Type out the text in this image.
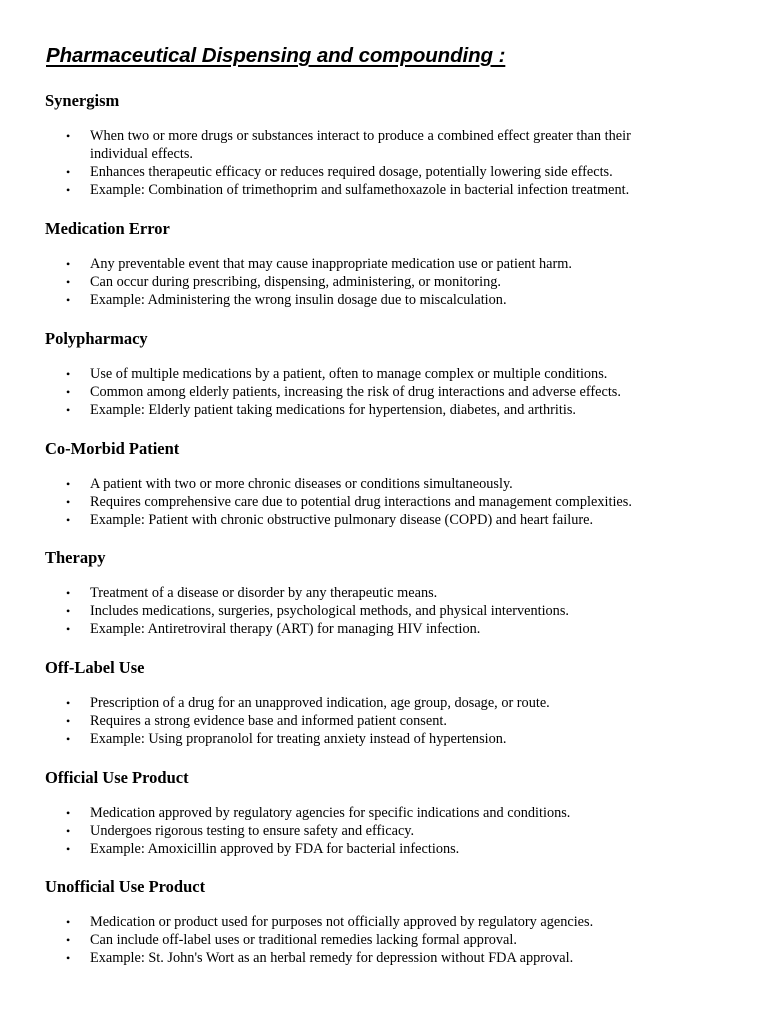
Pharmaceutical Dispensing and compounding :
Synergism
• When two or more drugs or substances interact to produce a combined effect greater than their individual effects.
• Enhances therapeutic efficacy or reduces required dosage, potentially lowering side effects.
• Example: Combination of trimethoprim and sulfamethoxazole in bacterial infection treatment.
Medication Error
• Any preventable event that may cause inappropriate medication use or patient harm.
• Can occur during prescribing, dispensing, administering, or monitoring.
• Example: Administering the wrong insulin dosage due to miscalculation.
Polypharmacy
• Use of multiple medications by a patient, often to manage complex or multiple conditions.
• Common among elderly patients, increasing the risk of drug interactions and adverse effects.
• Example: Elderly patient taking medications for hypertension, diabetes, and arthritis.
Co-Morbid Patient
• A patient with two or more chronic diseases or conditions simultaneously.
• Requires comprehensive care due to potential drug interactions and management complexities.
• Example: Patient with chronic obstructive pulmonary disease (COPD) and heart failure.
Therapy
• Treatment of a disease or disorder by any therapeutic means.
• Includes medications, surgeries, psychological methods, and physical interventions.
• Example: Antiretroviral therapy (ART) for managing HIV infection.
Off-Label Use
• Prescription of a drug for an unapproved indication, age group, dosage, or route.
• Requires a strong evidence base and informed patient consent.
• Example: Using propranolol for treating anxiety instead of hypertension.
Official Use Product
• Medication approved by regulatory agencies for specific indications and conditions.
• Undergoes rigorous testing to ensure safety and efficacy.
• Example: Amoxicillin approved by FDA for bacterial infections.
Unofficial Use Product
• Medication or product used for purposes not officially approved by regulatory agencies.
• Can include off-label uses or traditional remedies lacking formal approval.
• Example: St. John's Wort as an herbal remedy for depression without FDA approval.
